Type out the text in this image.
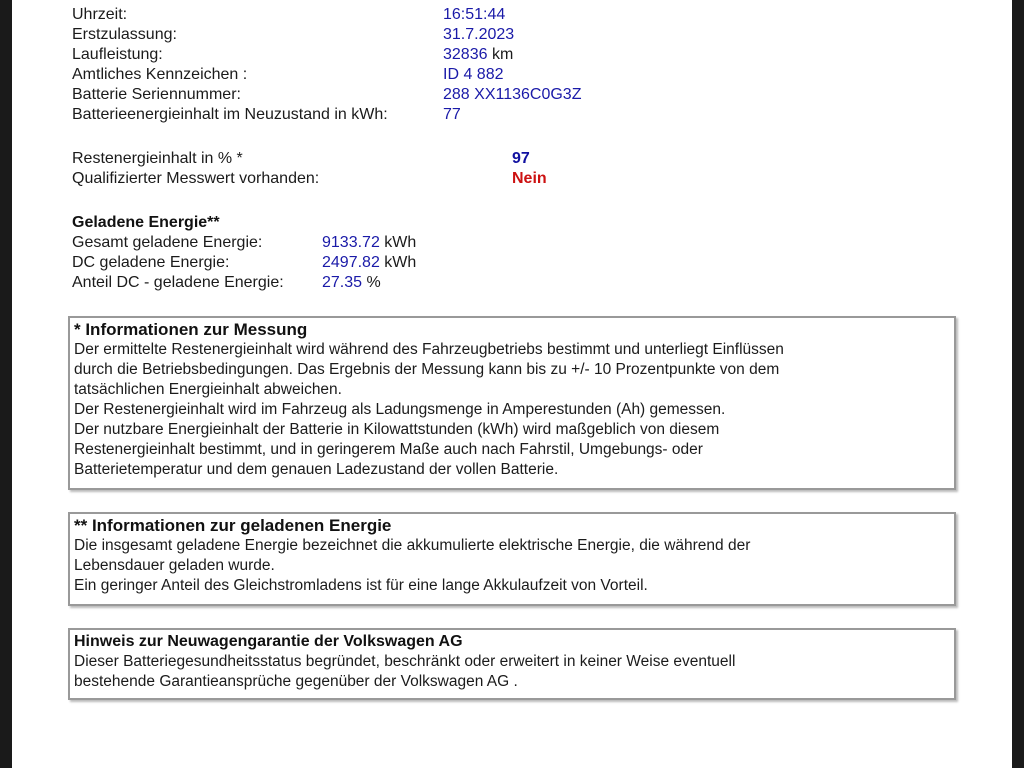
Uhrzeit:	16:51:44
Erstzulassung:	31.7.2023
Laufleistung:	32836 km
Amtliches Kennzeichen :	ID 4 882
Batterie Seriennummer:	288 XX1136C0G3Z
Batterieenergieinhalt im Neuzustand in kWh:	77
Restenergieinhalt in % *	97
Qualifizierter Messwert vorhanden:	Nein
Geladene Energie**
Gesamt geladene Energie:	9133.72 kWh
DC geladene Energie:	2497.82 kWh
Anteil DC - geladene Energie: 27.35 %
* Informationen zur Messung
Der ermittelte Restenergieinhalt wird während des Fahrzeugbetriebs bestimmt und unterliegt Einflüssen
durch die Betriebsbedingungen. Das Ergebnis der Messung kann bis zu +/- 10 Prozentpunkte von dem
tatsächlichen Energieinhalt abweichen.
Der Restenergieinhalt wird im Fahrzeug als Ladungsmenge in Amperestunden (Ah) gemessen.
Der nutzbare Energieinhalt der Batterie in Kilowattstunden (kWh) wird maßgeblich von diesem
Restenergieinhalt bestimmt, und in geringerem Maße auch nach Fahrstil, Umgebungs- oder
Batterietemperatur und dem genauen Ladezustand der vollen Batterie.
** Informationen zur geladenen Energie
Die insgesamt geladene Energie bezeichnet die akkumulierte elektrische Energie, die während der
Lebensdauer geladen wurde.
Ein geringer Anteil des Gleichstromladens ist für eine lange Akkulaufzeit von Vorteil.
Hinweis zur Neuwagengarantie der Volkswagen AG
Dieser Batteriegesundheitsstatus begründet, beschränkt oder erweitert in keiner Weise eventuell
bestehende Garantieansprüche gegenüber der Volkswagen AG .
